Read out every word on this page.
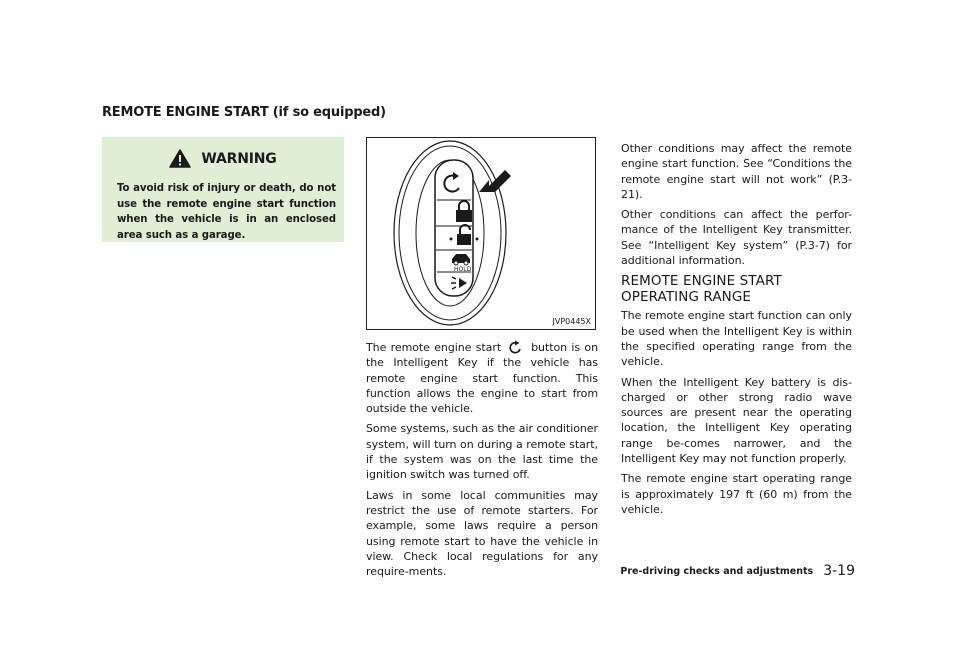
REMOTE ENGINE START (if so equipped)
WARNING
To avoid risk of injury or death, do not use the remote engine start function when the vehicle is in an enclosed area such as a garage.
HOLD
JVP0445X

The remote engine start	button is on the Intelligent Key if the vehicle has remote engine start function. This function allows the engine to start from outside the vehicle.

Some systems, such as the air conditioner system, will turn on during a remote start, if the system was on the last time the ignition switch was turned off.

Laws in some local communities may restrict the use of remote starters. For example, some laws require a person using remote start to have the vehicle in view. Check local regulations for any require-ments.

Other conditions may affect the remote engine start function. See “Conditions the remote engine start will not work” (P.3-21).

Other conditions can affect the perfor-mance of the Intelligent Key transmitter. See “Intelligent Key system” (P.3-7) for additional information.

REMOTE ENGINE START OPERATING RANGE

The remote engine start function can only be used when the Intelligent Key is within the specified operating range from the vehicle.

When the Intelligent Key battery is dis-charged or other strong radio wave sources are present near the operating location, the Intelligent Key operating range be-comes narrower, and the Intelligent Key may not function properly.

The remote engine start operating range is approximately 197 ft (60 m) from the vehicle.

Pre-driving checks and adjustments 3-19
